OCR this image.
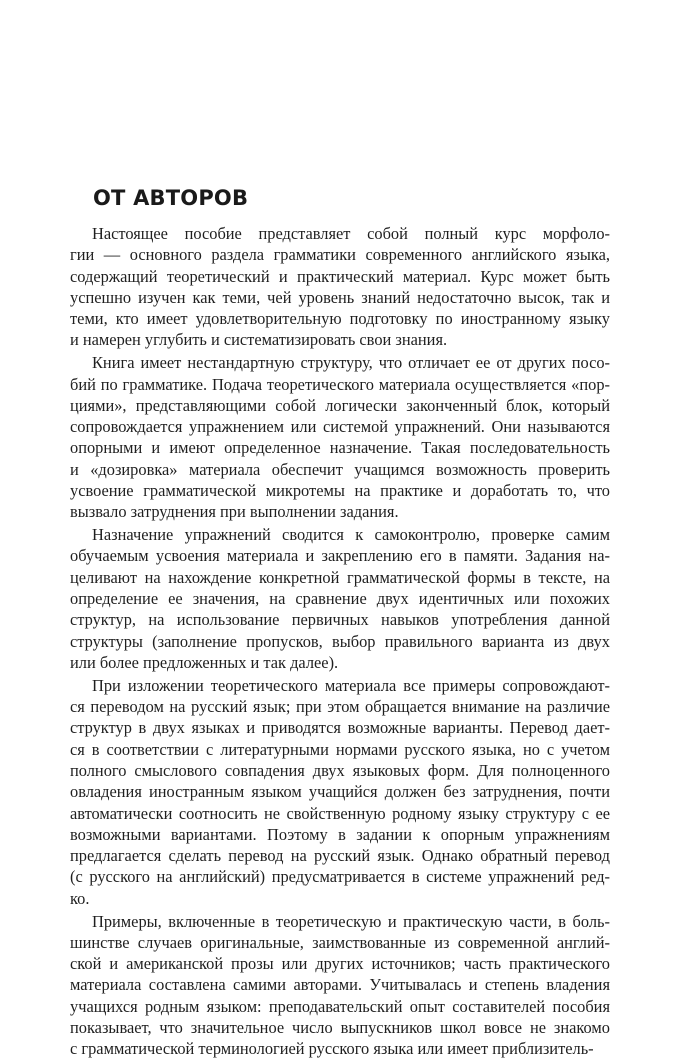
ОТ АВТОРОВ

Настоящее пособие представляет собой полный курс морфоло-
гии — основного раздела грамматики современного английского языка,
содержащий теоретический и практический материал. Курс может быть
успешно изучен как теми, чей уровень знаний недостаточно высок, так и
теми, кто имеет удовлетворительную подготовку по иностранному языку
и намерен углубить и систематизировать свои знания.

Книга имеет нестандартную структуру, что отличает ее от других посо-
бий по грамматике. Подача теоретического материала осуществляется «пор-
циями», представляющими собой логически законченный блок, который
сопровождается упражнением или системой упражнений. Они называются
опорными и имеют определенное назначение. Такая последовательность
и «дозировка» материала обеспечит учащимся возможность проверить
усвоение грамматической микротемы на практике и доработать то, что
вызвало затруднения при выполнении задания.

Назначение упражнений сводится к самоконтролю, проверке самим
обучаемым усвоения материала и закреплению его в памяти. Задания на-
целивают на нахождение конкретной грамматической формы в тексте, на
определение ее значения, на сравнение двух идентичных или похожих
структур, на использование первичных навыков употребления данной
структуры (заполнение пропусков, выбор правильного варианта из двух
или более предложенных и так далее).

При изложении теоретического материала все примеры сопровождают-
ся переводом на русский язык; при этом обращается внимание на различие
структур в двух языках и приводятся возможные варианты. Перевод дает-
ся в соответствии с литературными нормами русского языка, но с учетом
полного смыслового совпадения двух языковых форм. Для полноценного
овладения иностранным языком учащийся должен без затруднения, почти
автоматически соотносить не свойственную родному языку структуру с ее
возможными вариантами. Поэтому в задании к опорным упражнениям
предлагается сделать перевод на русский язык. Однако обратный перевод
(с русского на английский) предусматривается в системе упражнений ред-
ко.

Примеры, включенные в теоретическую и практическую части, в боль-
шинстве случаев оригинальные, заимствованные из современной англий-
ской и американской прозы или других источников; часть практического
материала составлена самими авторами. Учитывалась и степень владения
учащихся родным языком: преподавательский опыт составителей пособия
показывает, что значительное число выпускников школ вовсе не знакомо
с грамматической терминологией русского языка или имеет приблизитель-
